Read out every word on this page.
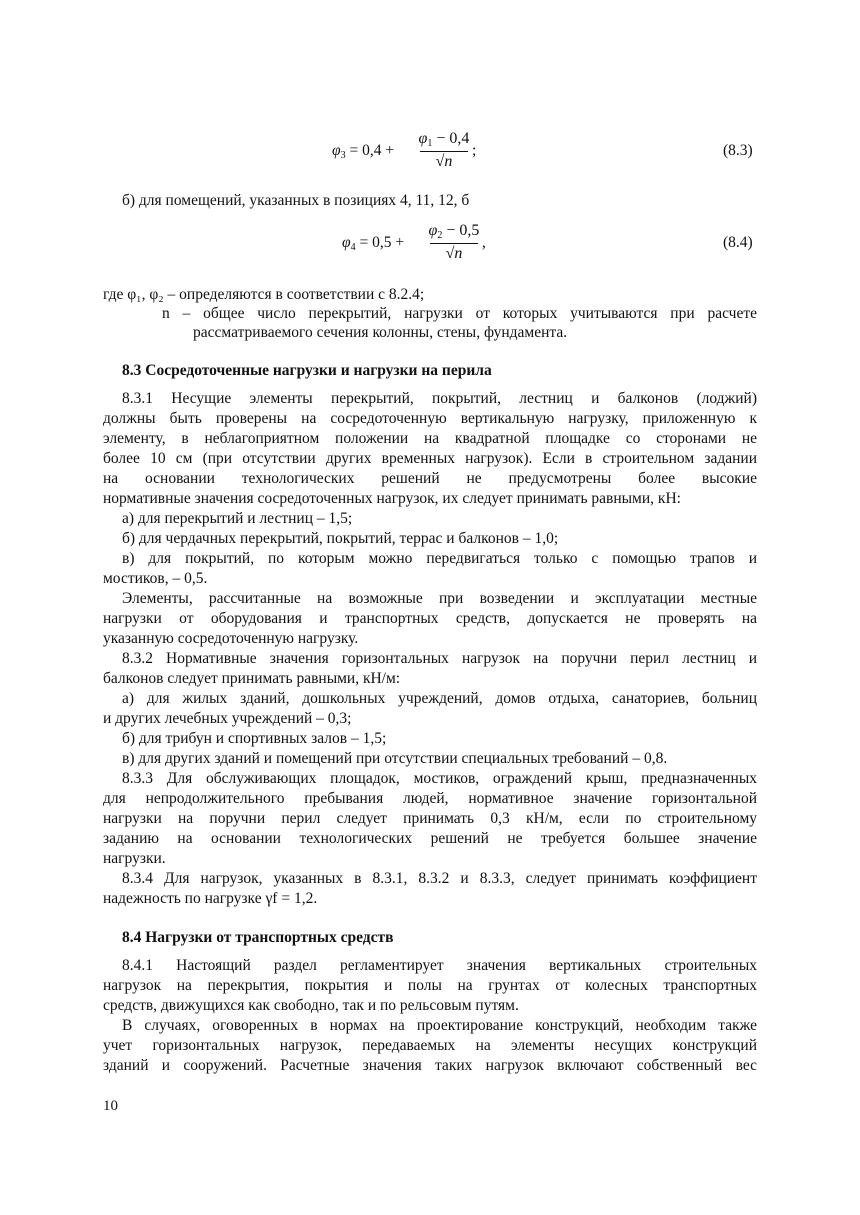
$\varphi_3 = 0,4$ +
$\varphi_1 - 0,4$
√n
;	(8.3)
б) для помещений, указанных в позициях 4, 11, 12, б
$\varphi_4 = 0,5$ +
$\varphi_2 - 0,5$
√n
,	(8.4)
где φ₁, φ₂ – определяются в соответствии с 8.2.4;
n – общее число перекрытий, нагрузки от которых учитываются при расчете
рассматриваемого сечения колонны, стены, фундамента.
8.3 Сосредоточенные нагрузки и нагрузки на перила
8.3.1 Несущие элементы перекрытий, покрытий, лестниц и балконов (лоджий)
должны быть проверены на сосредоточенную вертикальную нагрузку, приложенную к
элементу, в неблагоприятном положении на квадратной площадке со сторонами не
более 10 см (при отсутствии других временных нагрузок). Если в строительном задании
на основании технологических решений не предусмотрены более высокие
нормативные значения сосредоточенных нагрузок, их следует принимать равными, кН:
а) для перекрытий и лестниц – 1,5;
б) для чердачных перекрытий, покрытий, террас и балконов – 1,0;
в) для покрытий, по которым можно передвигаться только с помощью трапов и
мостиков, – 0,5.
Элементы, рассчитанные на возможные при возведении и эксплуатации местные
нагрузки от оборудования и транспортных средств, допускается не проверять на
указанную сосредоточенную нагрузку.
8.3.2 Нормативные значения горизонтальных нагрузок на поручни перил лестниц и
балконов следует принимать равными, кН/м:
а) для жилых зданий, дошкольных учреждений, домов отдыха, санаториев, больниц
и других лечебных учреждений – 0,3;
б) для трибун и спортивных залов – 1,5;
в) для других зданий и помещений при отсутствии специальных требований – 0,8.
8.3.3 Для обслуживающих площадок, мостиков, ограждений крыш, предназначенных
для непродолжительного пребывания людей, нормативное значение горизонтальной
нагрузки на поручни перил следует принимать 0,3 кН/м, если по строительному
заданию на основании технологических решений не требуется большее значение
нагрузки.
8.3.4 Для нагрузок, указанных в 8.3.1, 8.3.2 и 8.3.3, следует принимать коэффициент
надежность по нагрузке γf = 1,2.
8.4 Нагрузки от транспортных средств
8.4.1 Настоящий раздел регламентирует значения вертикальных строительных
нагрузок на перекрытия, покрытия и полы на грунтах от колесных транспортных
средств, движущихся как свободно, так и по рельсовым путям.
В случаях, оговоренных в нормах на проектирование конструкций, необходим также
учет горизонтальных нагрузок, передаваемых на элементы несущих конструкций
зданий и сооружений. Расчетные значения таких нагрузок включают собственный вес
10
